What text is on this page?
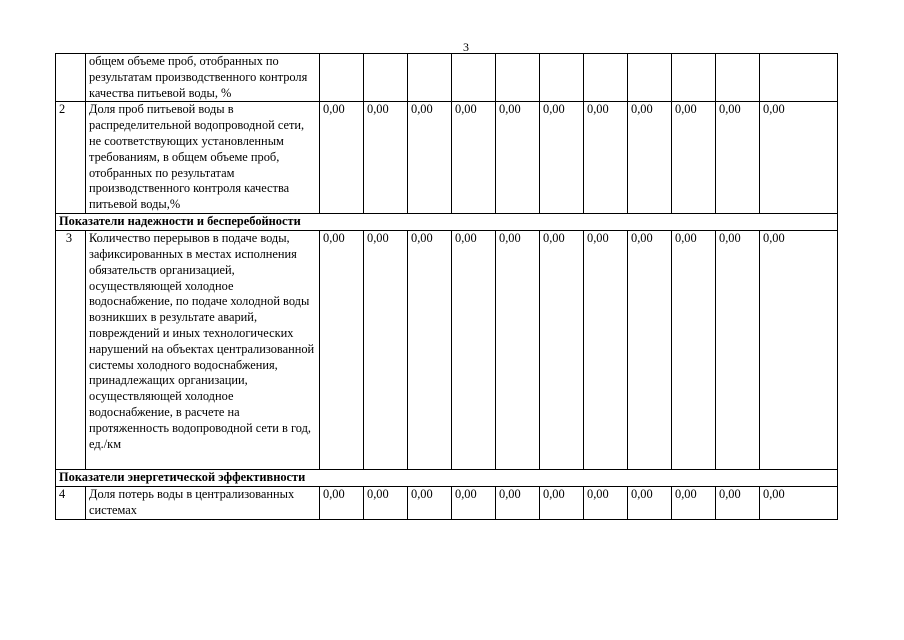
3
	общем объеме проб, отобранных по результатам производственного контроля качества питьевой воды, %											
2	Доля проб питьевой воды в распределительной водопроводной сети, не соответствующих установленным требованиям, в общем объеме проб, отобранных по результатам производственного контроля качества питьевой воды,%	0,00	0,00	0,00	0,00	0,00	0,00	0,00	0,00	0,00	0,00	0,00
Показатели надежности и бесперебойности												
3	Количество перерывов в подаче воды, зафиксированных в местах исполнения обязательств организацией, осуществляющей холодное водоснабжение, по подаче холодной воды возникших в результате аварий, повреждений и иных технологических нарушений на объектах централизованной системы холодного водоснабжения, принадлежащих организации, осуществляющей холодное водоснабжение, в расчете на протяженность водопроводной сети в год, ед./км	0,00	0,00	0,00	0,00	0,00	0,00	0,00	0,00	0,00	0,00	0,00
Показатели энергетической эффективности												
4	Доля потерь воды в централизованных системах	0,00	0,00	0,00	0,00	0,00	0,00	0,00	0,00	0,00	0,00	0,00
